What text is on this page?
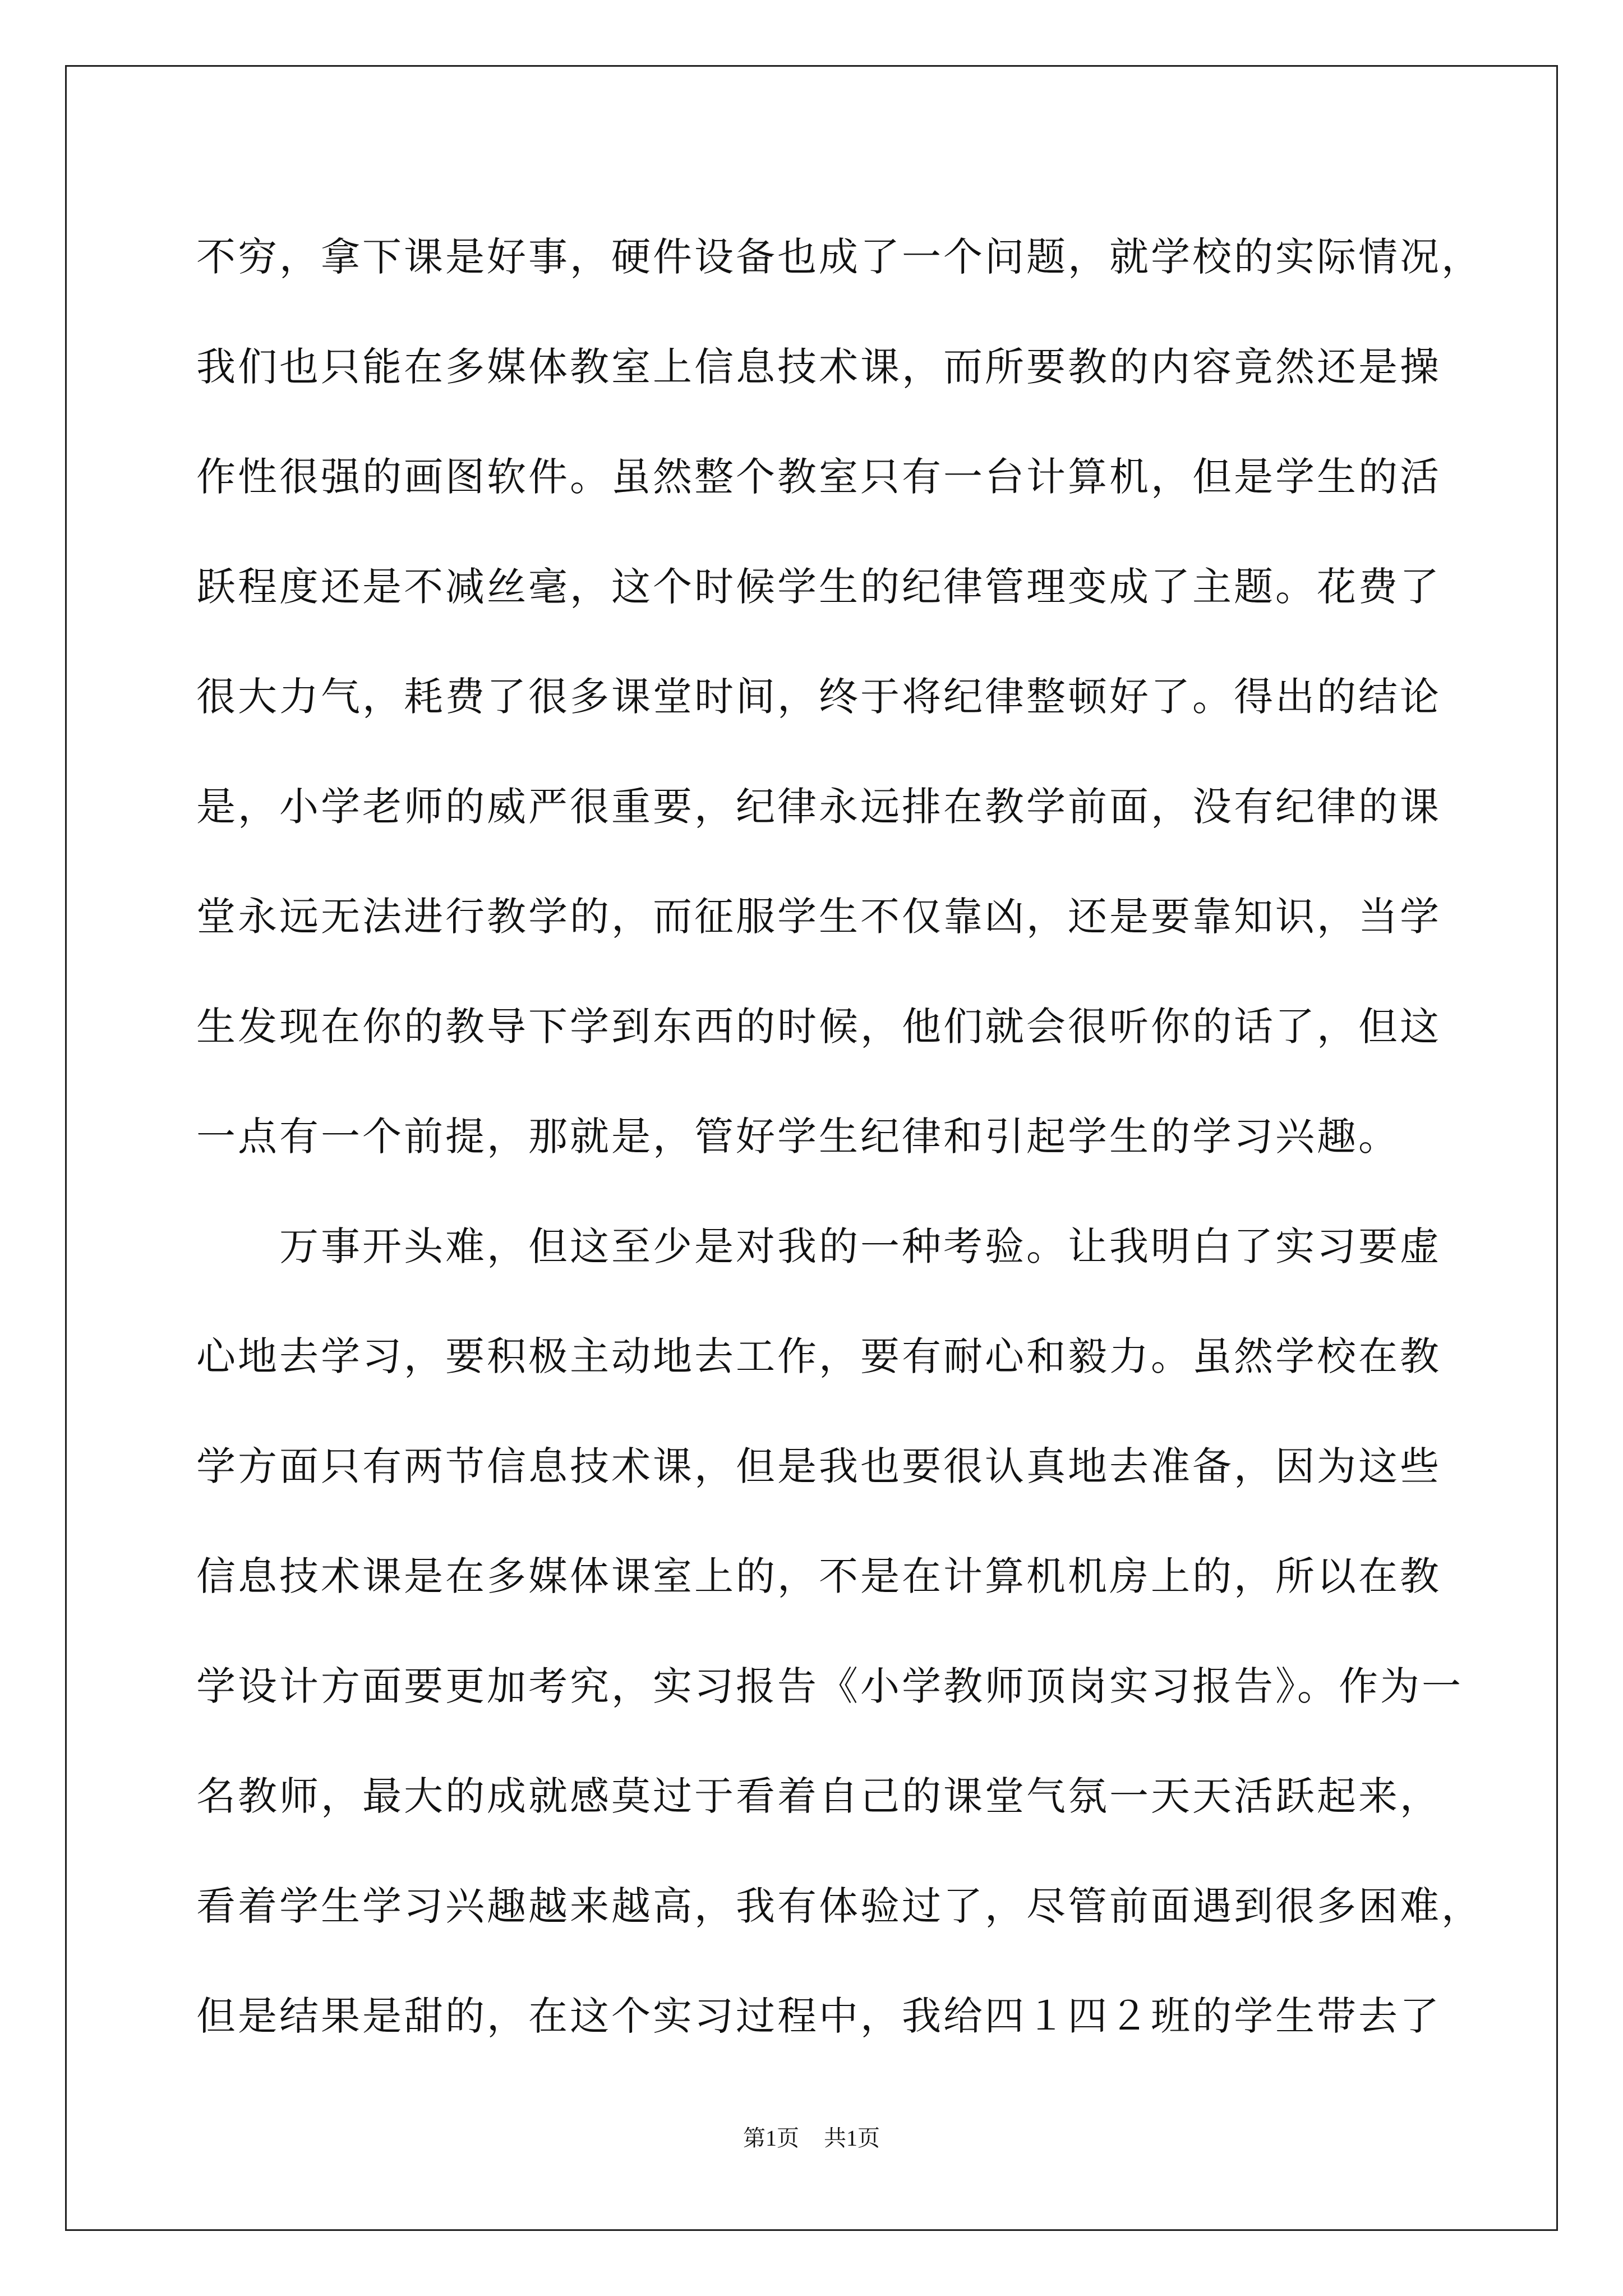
不穷，拿下课是好事，硬件设备也成了一个问题，就学校的实际情况，
我们也只能在多媒体教室上信息技术课，而所要教的内容竟然还是操
作性很强的画图软件。虽然整个教室只有一台计算机，但是学生的活
跃程度还是不减丝毫，这个时候学生的纪律管理变成了主题。花费了
很大力气，耗费了很多课堂时间，终于将纪律整顿好了。得出的结论
是，小学老师的威严很重要，纪律永远排在教学前面，没有纪律的课
堂永远无法进行教学的，而征服学生不仅靠凶，还是要靠知识，当学
生发现在你的教导下学到东西的时候，他们就会很听你的话了，但这
一点有一个前提，那就是，管好学生纪律和引起学生的学习兴趣。
　　万事开头难，但这至少是对我的一种考验。让我明白了实习要虚
心地去学习，要积极主动地去工作，要有耐心和毅力。虽然学校在教
学方面只有两节信息技术课，但是我也要很认真地去准备，因为这些
信息技术课是在多媒体课室上的，不是在计算机机房上的，所以在教
学设计方面要更加考究，实习报告《小学教师顶岗实习报告》。作为一
名教师，最大的成就感莫过于看着自己的课堂气氛一天天活跃起来，
看着学生学习兴趣越来越高，我有体验过了，尽管前面遇到很多困难，
但是结果是甜的，在这个实习过程中，我给四１四２班的学生带去了
第1页 共1页
